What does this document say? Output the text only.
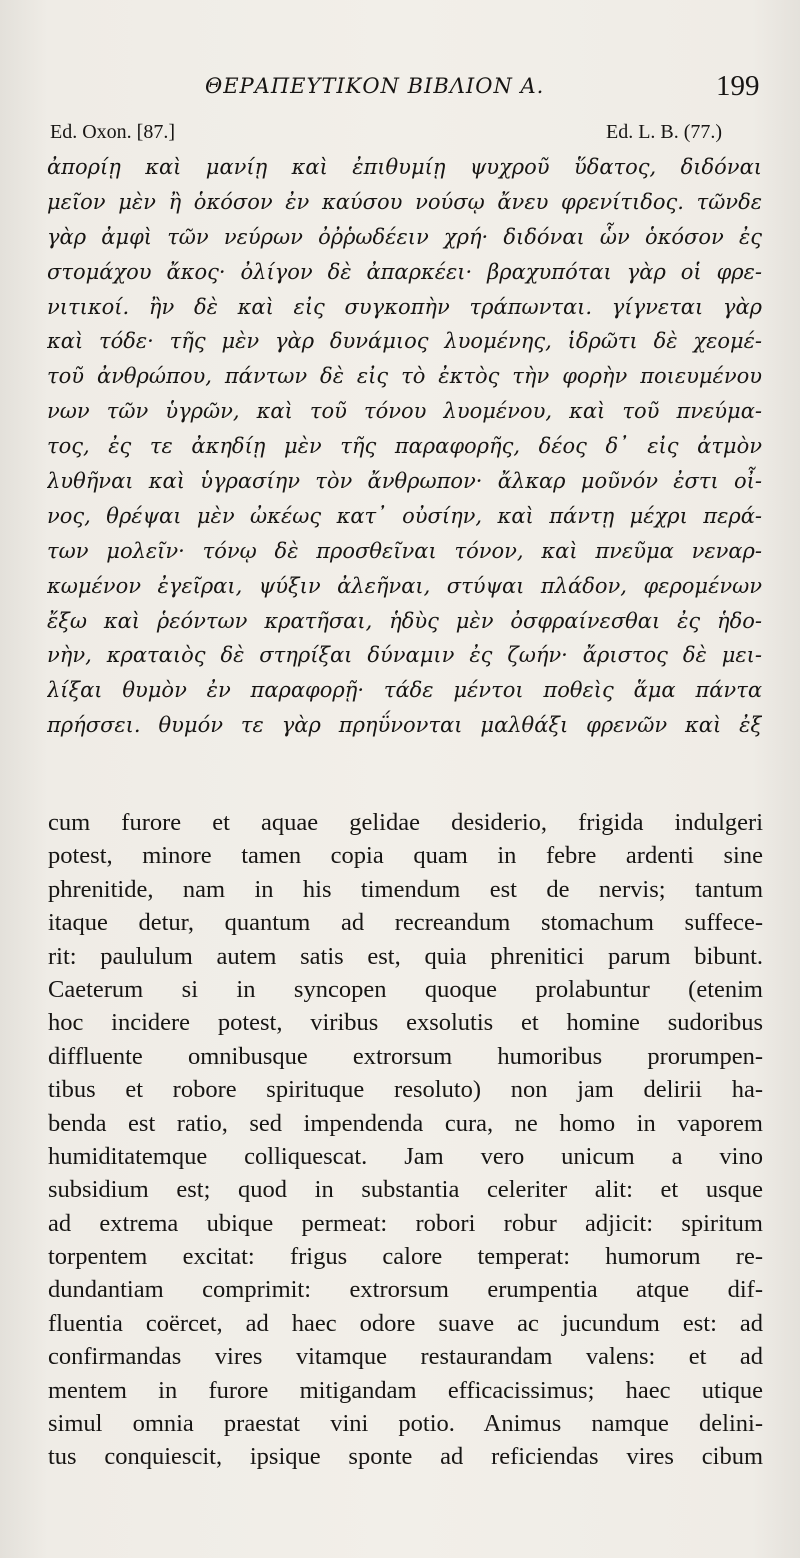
ΘΕΡΑΠΕΥΤΙΚΟΝ ΒΙΒΛΙΟΝ Α.	199
Ed. Oxon. [87.]	Ed. L. B. (77.)
ἀπορίῃ καὶ μανίῃ καὶ ἐπιθυμίῃ ψυχροῦ ὕδατος, διδόναι
μεῖον μὲν ἢ ὁκόσον ἐν καύσου νούσῳ ἄνευ φρενίτιδος. τῶνδε
γὰρ ἀμφὶ τῶν νεύρων ὀῤῥωδέειν χρή· διδόναι ὧν ὁκόσον ἐς
στομάχου ἄκος· ὀλίγον δὲ ἀπαρκέει· βραχυπόται γὰρ οἱ φρε-
νιτικοί. ἢν δὲ καὶ εἰς συγκοπὴν τράπωνται. γίγνεται γὰρ
καὶ τόδε· τῆς μὲν γὰρ δυνάμιος λυομένης, ἱδρῶτι δὲ χεομέ-
τοῦ ἀνθρώπου, πάντων δὲ εἰς τὸ ἐκτὸς τὴν φορὴν ποιευμένου
νων τῶν ὑγρῶν, καὶ τοῦ τόνου λυομένου, καὶ τοῦ πνεύμα-
τος, ἐς τε ἀκηδίῃ μὲν τῆς παραφορῆς, δέος δ᾽ εἰς ἀτμὸν
λυθῆναι καὶ ὑγρασίην τὸν ἄνθρωπον· ἄλκαρ μοῦνόν ἐστι οἶ-
νος, θρέψαι μὲν ὠκέως κατ᾽ οὐσίην, καὶ πάντῃ μέχρι περά-
των μολεῖν· τόνῳ δὲ προσθεῖναι τόνον, καὶ πνεῦμα νεναρ-
κωμένον ἐγεῖραι, ψύξιν ἀλεῆναι, στύψαι πλάδον, φερομένων
ἔξω καὶ ῥεόντων κρατῆσαι, ἡδὺς μὲν ὀσφραίνεσθαι ἐς ἡδο-
νὴν, κραταιὸς δὲ στηρίξαι δύναμιν ἐς ζωήν· ἄριστος δὲ μει-
λίξαι θυμὸν ἐν παραφορῇ· τάδε μέντοι ποθεὶς ἅμα πάντα
πρήσσει. θυμόν τε γὰρ πρηΰνονται μαλθάξι φρενῶν καὶ ἐξ
cum furore et aquae gelidae desiderio, frigida indulgeri
potest, minore tamen copia quam in febre ardenti sine
phrenitide, nam in his timendum est de nervis; tantum
itaque detur, quantum ad recreandum stomachum suffece-
rit: paululum autem satis est, quia phrenitici parum bibunt.
Caeterum si in syncopen quoque prolabuntur (etenim
hoc incidere potest, viribus exsolutis et homine sudoribus
diffluente omnibusque extrorsum humoribus prorumpen-
tibus et robore spirituque resoluto) non jam delirii ha-
benda est ratio, sed impendenda cura, ne homo in vaporem
humiditatemque colliquescat. Jam vero unicum a vino
subsidium est; quod in substantia celeriter alit: et usque
ad extrema ubique permeat: robori robur adjicit: spiritum
torpentem excitat: frigus calore temperat: humorum re-
dundantiam comprimit: extrorsum erumpentia atque dif-
fluentia coërcet, ad haec odore suave ac jucundum est: ad
confirmandas vires vitamque restaurandam valens: et ad
mentem in furore mitigandam efficacissimus; haec utique
simul omnia praestat vini potio. Animus namque delini-
tus conquiescit, ipsique sponte ad reficiendas vires cibum
